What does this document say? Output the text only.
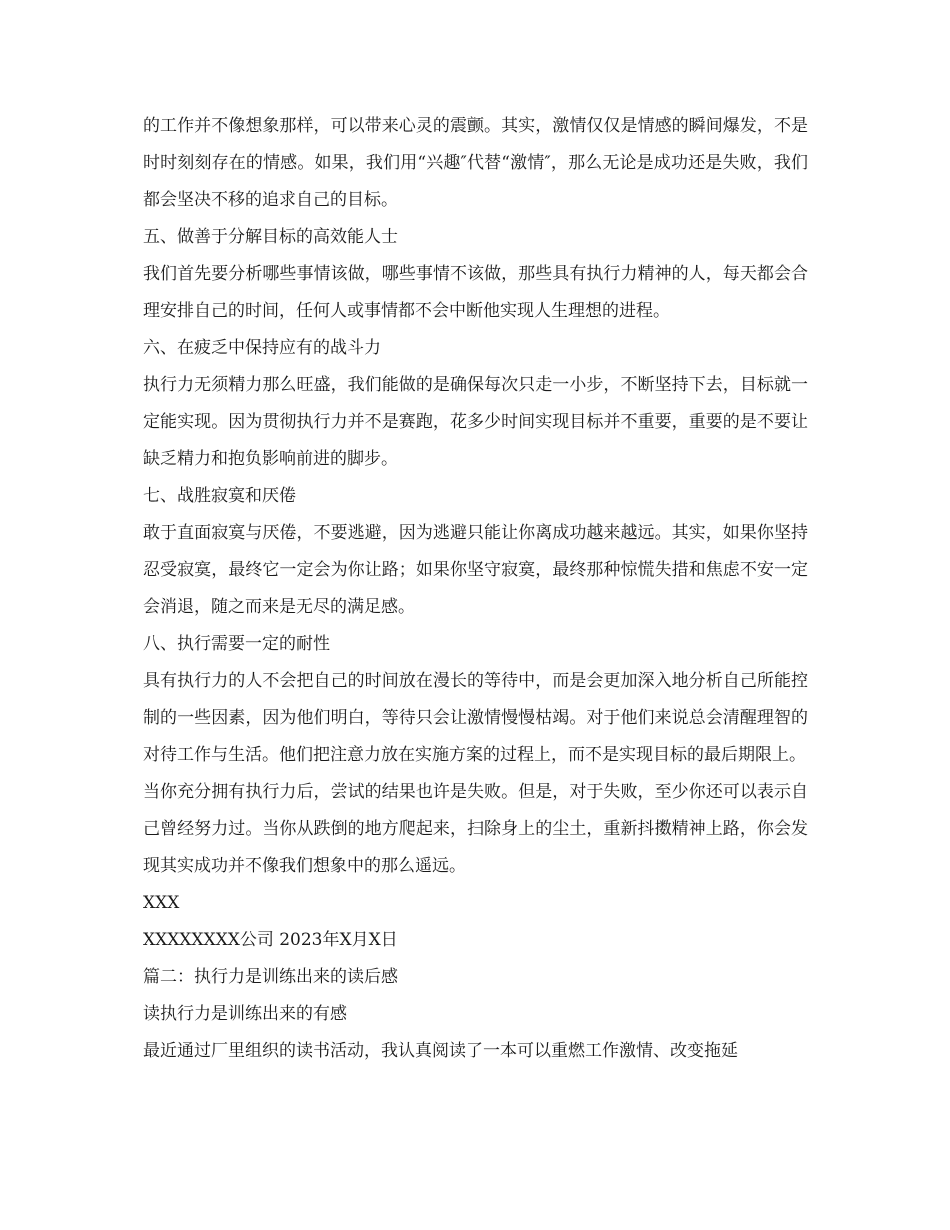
的工作并不像想象那样，可以带来心灵的震颤。其实，激情仅仅是情感的瞬间爆发，不是时时刻刻存在的情感。如果，我们用“兴趣″代替“激情″，那么无论是成功还是失败，我们都会坚决不移的追求自己的目标。

五、做善于分解目标的高效能人士

我们首先要分析哪些事情该做，哪些事情不该做，那些具有执行力精神的人，每天都会合理安排自己的时间，任何人或事情都不会中断他实现人生理想的进程。

六、在疲乏中保持应有的战斗力

执行力无须精力那么旺盛，我们能做的是确保每次只走一小步，不断坚持下去，目标就一定能实现。因为贯彻执行力并不是赛跑，花多少时间实现目标并不重要，重要的是不要让缺乏精力和抱负影响前进的脚步。

七、战胜寂寞和厌倦

敢于直面寂寞与厌倦，不要逃避，因为逃避只能让你离成功越来越远。其实，如果你坚持忍受寂寞，最终它一定会为你让路；如果你坚守寂寞，最终那种惊慌失措和焦虑不安一定会消退，随之而来是无尽的满足感。

八、执行需要一定的耐性

具有执行力的人不会把自己的时间放在漫长的等待中，而是会更加深入地分析自己所能控制的一些因素，因为他们明白，等待只会让激情慢慢枯竭。对于他们来说总会清醒理智的对待工作与生活。他们把注意力放在实施方案的过程上，而不是实现目标的最后期限上。

当你充分拥有执行力后，尝试的结果也许是失败。但是，对于失败，至少你还可以表示自己曾经努力过。当你从跌倒的地方爬起来，扫除身上的尘土，重新抖擞精神上路，你会发现其实成功并不像我们想象中的那么遥远。

XXX

XXXXXXXX公司 2023年X月X日

篇二：执行力是训练出来的读后感

读执行力是训练出来的有感

最近通过厂里组织的读书活动，我认真阅读了一本可以重燃工作激情、改变拖延
